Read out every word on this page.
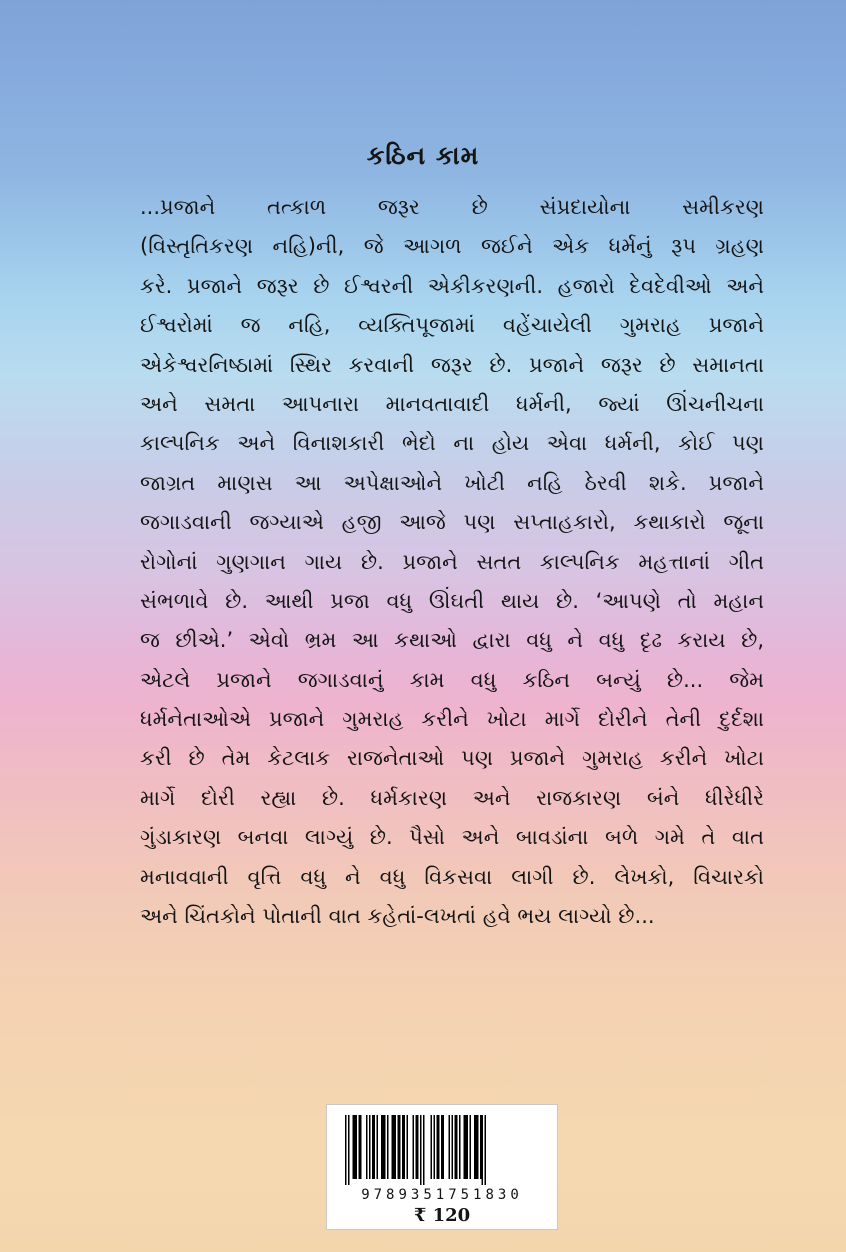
કઠિન કામ
...પ્રજાને તત્કાળ જરૂર છે સંપ્રદાયોના સમીકરણ
(વિસ્તૃતિકરણ નહિ)ની, જે આગળ જઈને એક ધર્મનું રૂપ ગ્રહણ
કરે. પ્રજાને જરૂર છે ઈશ્વરની એકીકરણની. હજારો દેવદેવીઓ અને
ઈશ્વરોમાં જ નહિ, વ્યક્તિપૂજામાં વહેંચાયેલી ગુમરાહ પ્રજાને
એકેશ્વરનિષ્ઠામાં સ્થિર કરવાની જરૂર છે. પ્રજાને જરૂર છે સમાનતા
અને સમતા આપનારા માનવતાવાદી ધર્મની, જ્યાં ઊંચનીચના
કાલ્પનિક અને વિનાશકારી ભેદો ના હોય એવા ધર્મની, કોઈ પણ
જાગ્રત માણસ આ અપેક્ષાઓને ખોટી નહિ ઠેરવી શકે. પ્રજાને
જગાડવાની જગ્યાએ હજી આજે પણ સપ્તાહકારો, કથાકારો જૂના
રોગોનાં ગુણગાન ગાય છે. પ્રજાને સતત કાલ્પનિક મહત્તાનાં ગીત
સંભળાવે છે. આથી પ્રજા વધુ ઊંઘતી થાય છે. ‘આપણે તો મહાન
જ છીએ.’ એવો ભ્રમ આ કથાઓ દ્વારા વધુ ને વધુ દૃઢ કરાય છે,
એટલે પ્રજાને જગાડવાનું કામ વધુ કઠિન બન્યું છે... જેમ
ધર્મનેતાઓએ પ્રજાને ગુમરાહ કરીને ખોટા માર્ગે દોરીને તેની દુર્દશા
કરી છે તેમ કેટલાક રાજનેતાઓ પણ પ્રજાને ગુમરાહ કરીને ખોટા
માર્ગે દોરી રહ્યા છે. ધર્મકારણ અને રાજકારણ બંને ધીરેધીરે
ગુંડાકારણ બનવા લાગ્યું છે. પૈસો અને બાવડાંના બળે ગમે તે વાત
મનાવવાની વૃત્તિ વધુ ને વધુ વિકસવા લાગી છે. લેખકો, વિચારકો
અને ચિંતકોને પોતાની વાત કહેતાં-લખતાં હવે ભય લાગ્યો છે...
9789351751830
₹ 120
